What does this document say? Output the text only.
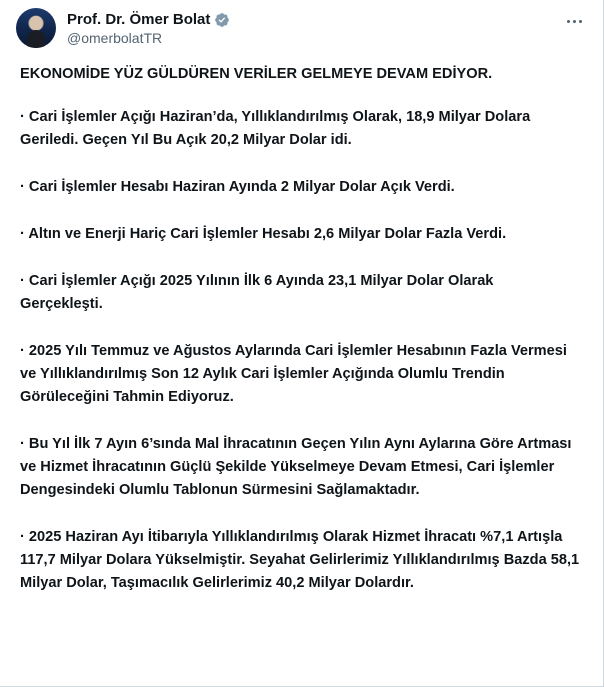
Prof. Dr. Ömer Bolat
@omerbolatTR

EKONOMİDE YÜZ GÜLDÜREN VERİLER GELMEYE DEVAM EDİYOR.

· Cari İşlemler Açığı Haziran’da, Yıllıklandırılmış Olarak, 18,9 Milyar Dolara Geriledi. Geçen Yıl Bu Açık 20,2 Milyar Dolar idi.

· Cari İşlemler Hesabı Haziran Ayında 2 Milyar Dolar Açık Verdi.

· Altın ve Enerji Hariç Cari İşlemler Hesabı 2,6 Milyar Dolar Fazla Verdi.

· Cari İşlemler Açığı 2025 Yılının İlk 6 Ayında 23,1 Milyar Dolar Olarak Gerçekleşti.

· 2025 Yılı Temmuz ve Ağustos Aylarında Cari İşlemler Hesabının Fazla Vermesi ve Yıllıklandırılmış Son 12 Aylık Cari İşlemler Açığında Olumlu Trendin Görüleceğini Tahmin Ediyoruz.

· Bu Yıl İlk 7 Ayın 6’sında Mal İhracatının Geçen Yılın Aynı Aylarına Göre Artması ve Hizmet İhracatının Güçlü Şekilde Yükselmeye Devam Etmesi, Cari İşlemler Dengesindeki Olumlu Tablonun Sürmesini Sağlamaktadır.

· 2025 Haziran Ayı İtibarıyla Yıllıklandırılmış Olarak Hizmet İhracatı %7,1 Artışla 117,7 Milyar Dolara Yükselmiştir. Seyahat Gelirlerimiz Yıllıklandırılmış Bazda 58,1 Milyar Dolar, Taşımacılık Gelirlerimiz 40,2 Milyar Dolardır.
